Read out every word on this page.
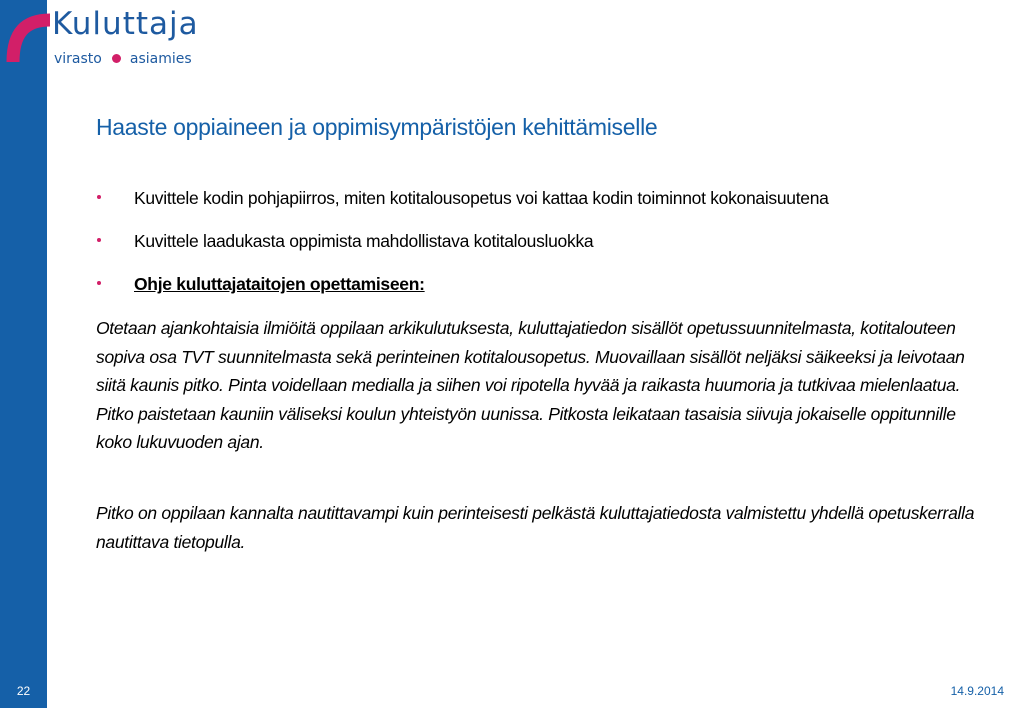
Kuluttaja
virasto asiamies
Haaste oppiaineen ja oppimisympäristöjen kehittämiselle
Kuvittele kodin pohjapiirros, miten kotitalousopetus voi kattaa kodin toiminnot kokonaisuutena
Kuvittele laadukasta oppimista mahdollistava kotitalousluokka
Ohje kuluttajataitojen opettamiseen:

Otetaan ajankohtaisia ilmiöitä oppilaan arkikulutuksesta, kuluttajatiedon sisällöt opetussuunnitelmasta, kotitalouteen sopiva osa TVT suunnitelmasta sekä perinteinen kotitalousopetus. Muovaillaan sisällöt neljäksi säikeeksi ja leivotaan siitä kaunis pitko. Pinta voidellaan medialla ja siihen voi ripotella hyvää ja raikasta huumoria ja tutkivaa mielenlaatua. Pitko paistetaan kauniin väliseksi koulun yhteistyön uunissa. Pitkosta leikataan tasaisia siivuja jokaiselle oppitunnille koko lukuvuoden ajan.

Pitko on oppilaan kannalta nautittavampi kuin perinteisesti pelkästä kuluttajatiedosta valmistettu yhdellä opetuskerralla nautittava tietopulla.

22	14.9.2014
